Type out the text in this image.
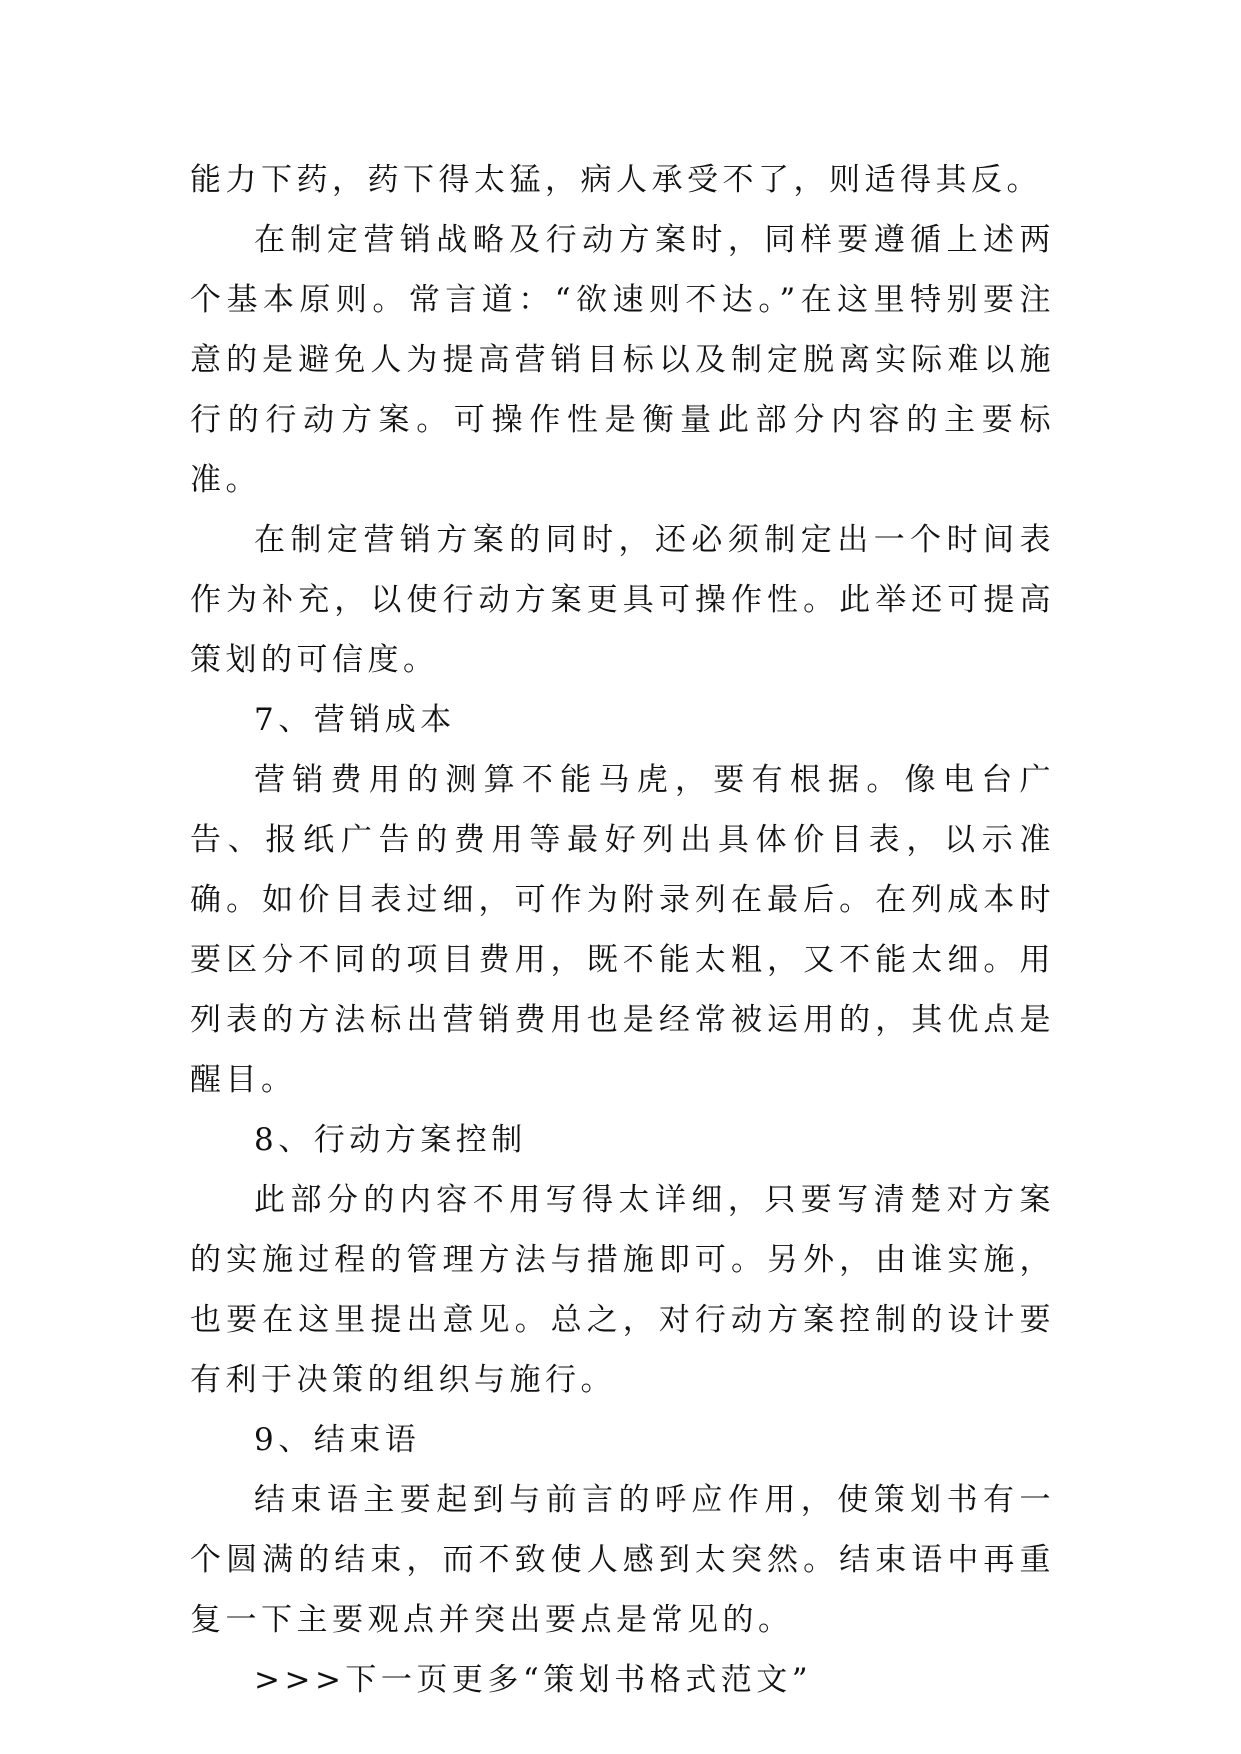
能力下药，药下得太猛，病人承受不了，则适得其反。

在制定营销战略及行动方案时，同样要遵循上述两个基本原则。常言道：“欲速则不达。”在这里特别要注意的是避免人为提高营销目标以及制定脱离实际难以施行的行动方案。可操作性是衡量此部分内容的主要标准。

在制定营销方案的同时，还必须制定出一个时间表作为补充，以使行动方案更具可操作性。此举还可提高策划的可信度。

7、营销成本

营销费用的测算不能马虎，要有根据。像电台广告、报纸广告的费用等最好列出具体价目表，以示准确。如价目表过细，可作为附录列在最后。在列成本时要区分不同的项目费用，既不能太粗，又不能太细。用列表的方法标出营销费用也是经常被运用的，其优点是醒目。

8、行动方案控制

此部分的内容不用写得太详细，只要写清楚对方案的实施过程的管理方法与措施即可。另外，由谁实施，也要在这里提出意见。总之，对行动方案控制的设计要有利于决策的组织与施行。

9、结束语

结束语主要起到与前言的呼应作用，使策划书有一个圆满的结束，而不致使人感到太突然。结束语中再重复一下主要观点并突出要点是常见的。

>>>下一页更多“策划书格式范文”
